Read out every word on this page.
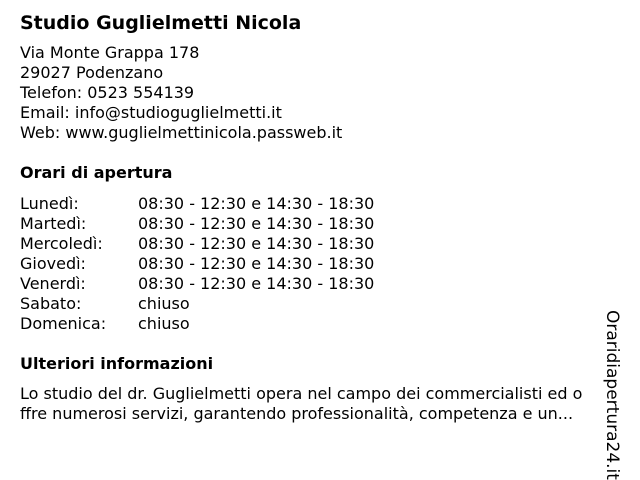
Studio Guglielmetti Nicola
Via Monte Grappa 178
29027 Podenzano
Telefon: 0523 554139
Email: info@studioguglielmetti.it
Web: www.guglielmettinicola.passweb.it
Orari di apertura
Lunedì:	08:30 - 12:30 e 14:30 - 18:30
Martedì:	08:30 - 12:30 e 14:30 - 18:30
Mercoledì:	08:30 - 12:30 e 14:30 - 18:30
Giovedì:	08:30 - 12:30 e 14:30 - 18:30
Venerdì:	08:30 - 12:30 e 14:30 - 18:30
Sabato:	chiuso
Domenica:	chiuso
Ulteriori informazioni
Lo studio del dr. Guglielmetti opera nel campo dei commercialisti ed o
ffre numerosi servizi, garantendo professionalità, competenza e un...	Oraridiapertura24.it
